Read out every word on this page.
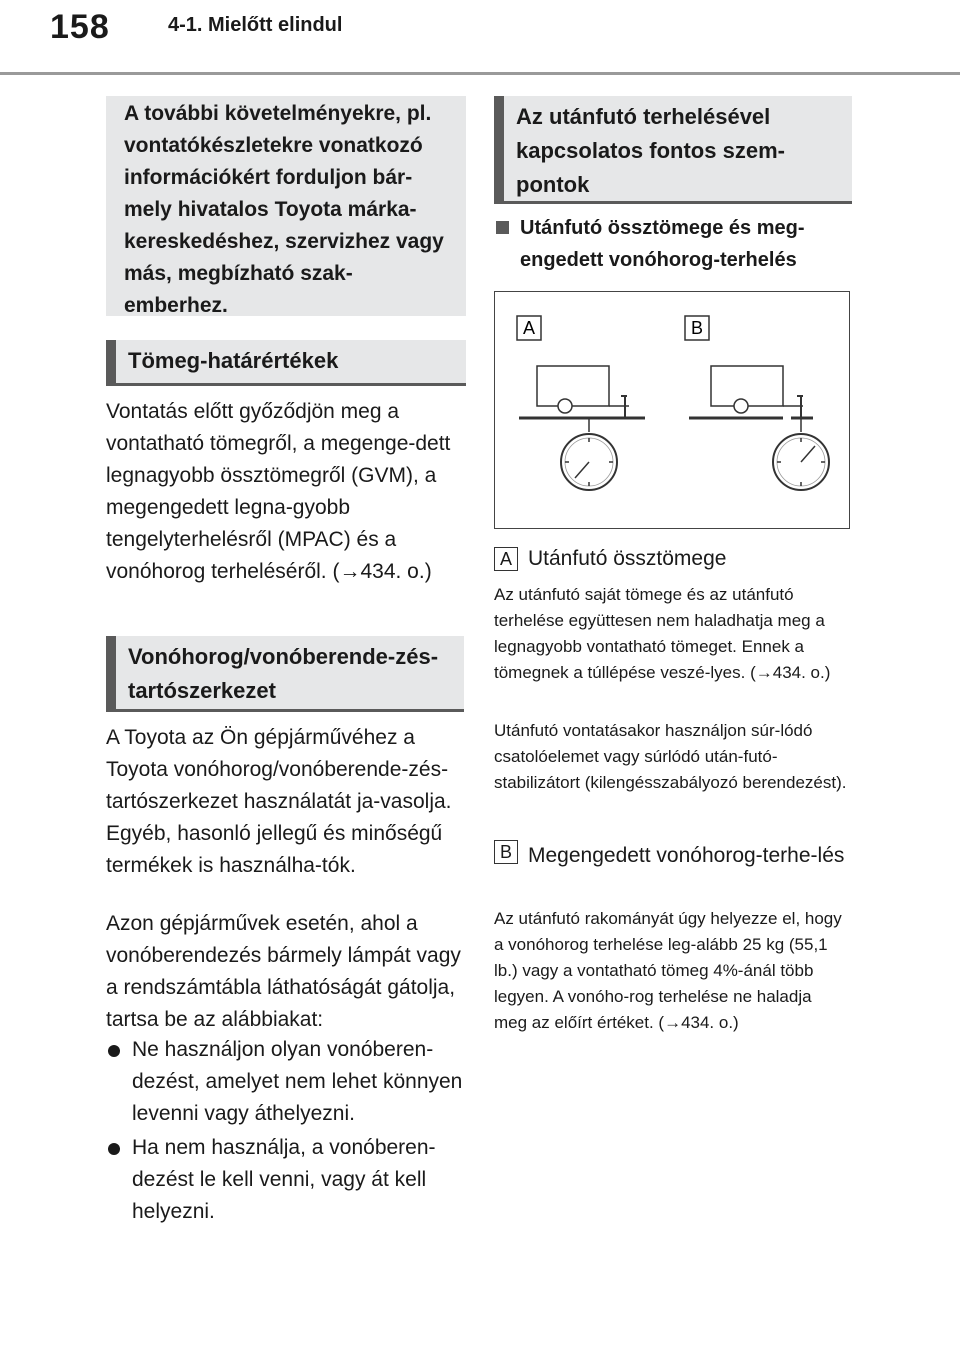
158	4-1. Mielőtt elindul
A további követelményekre, pl. vontatókészletekre vonatkozó információkért forduljon bár-mely hivatalos Toyota márka-kereskedéshez, szervizhez vagy más, megbízható szak-emberhez.
Tömeg-határértékek
Vontatás előtt győződjön meg a vontatható tömegről, a megenge-dett legnagyobb össztömegről (GVM), a megengedett legna-gyobb tengelyterhelésről (MPAC) és a vonóhorog terheléséről. (→434. o.)
Vonóhorog/vonóberende-zés-tartószerkezet
A Toyota az Ön gépjárművéhez a Toyota vonóhorog/vonóberende-zés-tartószerkezet használatát ja-vasolja. Egyéb, hasonló jellegű és minőségű termékek is használha-tók.
Azon gépjárművek esetén, ahol a vonóberendezés bármely lámpát vagy a rendszámtábla láthatóságát gátolja, tartsa be az alábbiakat:
Ne használjon olyan vonóberen-dezést, amelyet nem lehet könnyen levenni vagy áthelyezni.
Ha nem használja, a vonóberen-dezést le kell venni, vagy át kell helyezni.
Az utánfutó terhelésével kapcsolatos fontos szem-pontok
Utánfutó össztömege és meg-engedett vonóhorog-terhelés
A	B
A Utánfutó össztömege
Az utánfutó saját tömege és az utánfutó terhelése együttesen nem haladhatja meg a legnagyobb vontatható tömeget. Ennek a tömegnek a túllépése veszé-lyes. (→434. o.)
Utánfutó vontatásakor használjon súr-lódó csatolóelemet vagy súrlódó után-futó-stabilizátort (kilengésszabályozó berendezést).
B Megengedett vonóhorog-terhe-lés
Az utánfutó rakományát úgy helyezze el, hogy a vonóhorog terhelése leg-alább 25 kg (55,1 lb.) vagy a vontatható tömeg 4%-ánál több legyen. A vonóho-rog terhelése ne haladja meg az előírt értéket. (→434. o.)
